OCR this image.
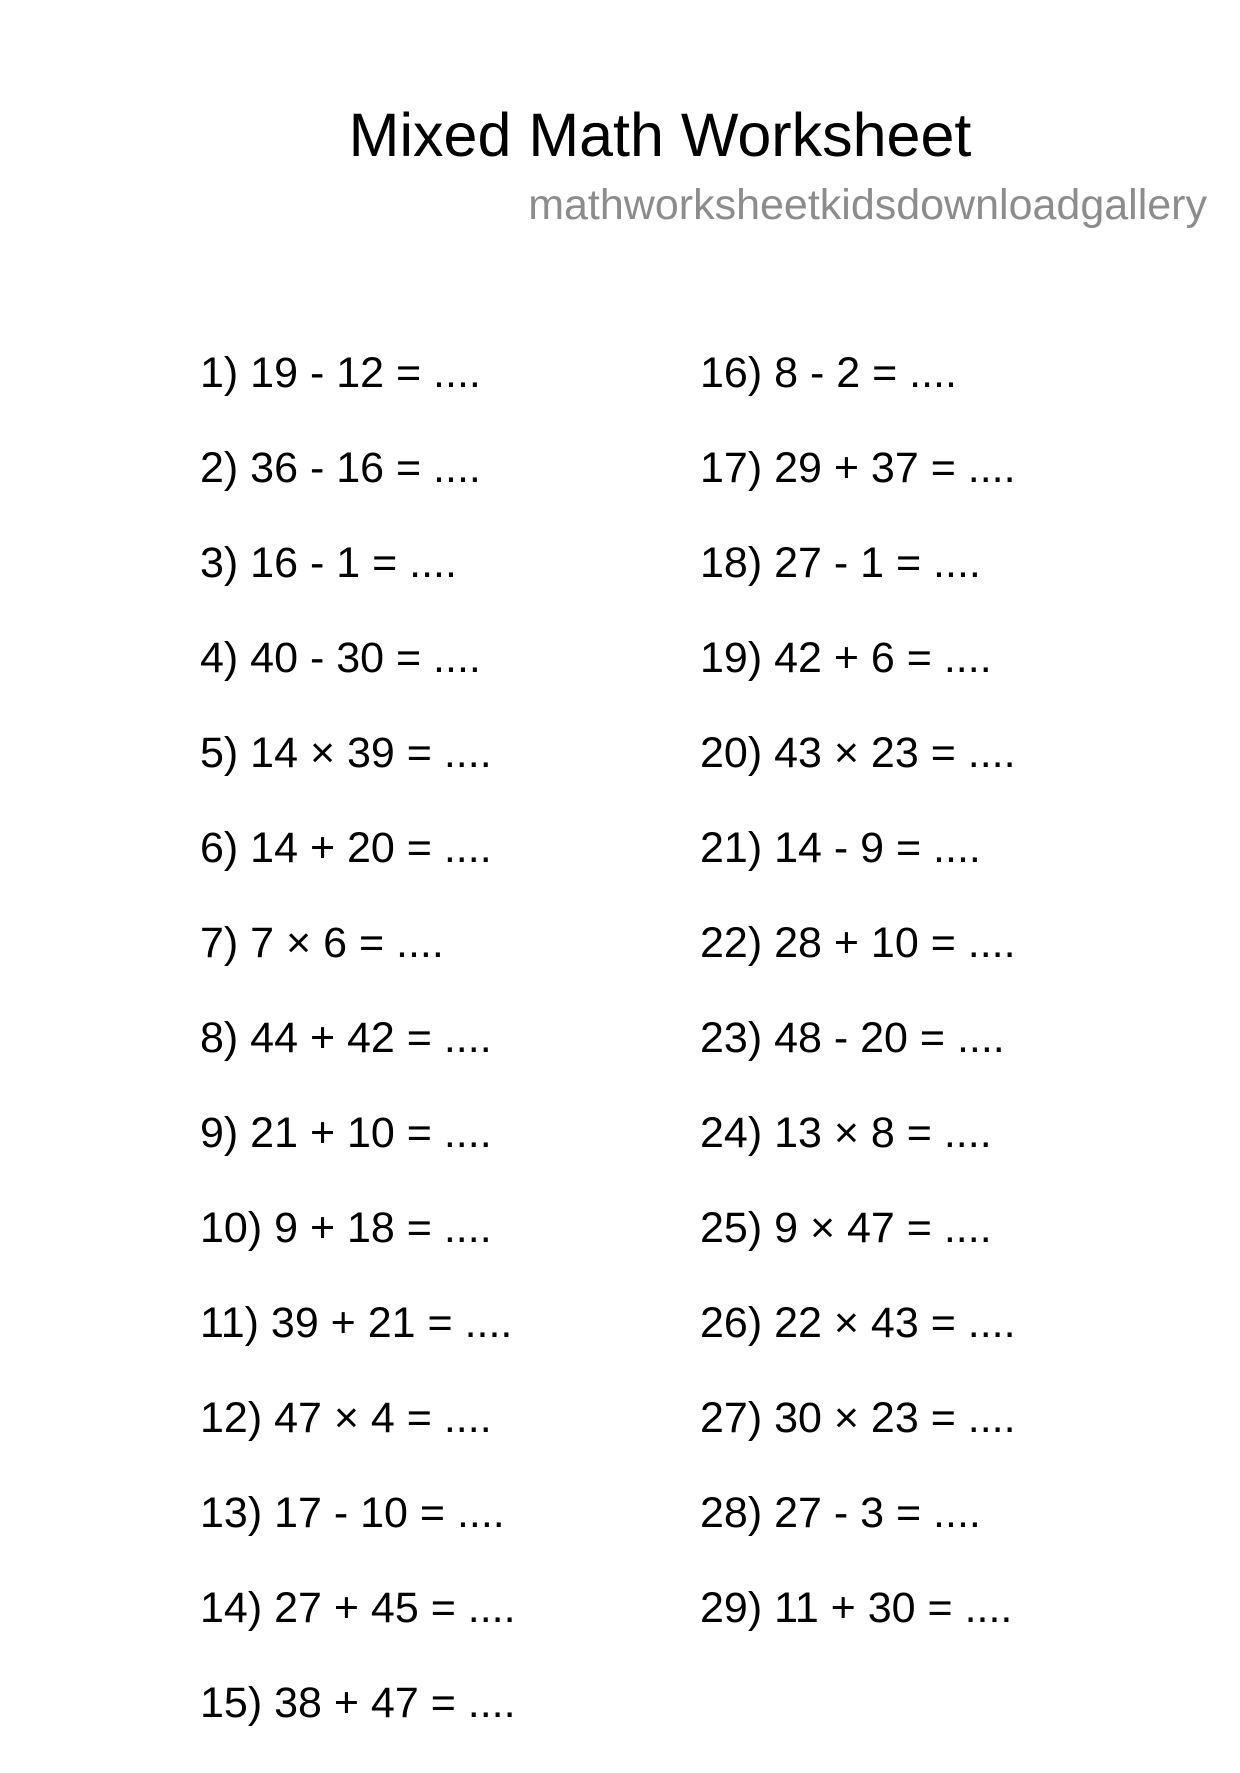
Mixed Math Worksheet
mathworksheetkidsdownloadgallery
1) 19 - 12 = ....
2) 36 - 16 = ....
3) 16 - 1 = ....
4) 40 - 30 = ....
5) 14 × 39 = ....
6) 14 + 20 = ....
7) 7 × 6 = ....
8) 44 + 42 = ....
9) 21 + 10 = ....
10) 9 + 18 = ....
11) 39 + 21 = ....
12) 47 × 4 = ....
13) 17 - 10 = ....
14) 27 + 45 = ....
15) 38 + 47 = ....
16) 8 - 2 = ....
17) 29 + 37 = ....
18) 27 - 1 = ....
19) 42 + 6 = ....
20) 43 × 23 = ....
21) 14 - 9 = ....
22) 28 + 10 = ....
23) 48 - 20 = ....
24) 13 × 8 = ....
25) 9 × 47 = ....
26) 22 × 43 = ....
27) 30 × 23 = ....
28) 27 - 3 = ....
29) 11 + 30 = ....
